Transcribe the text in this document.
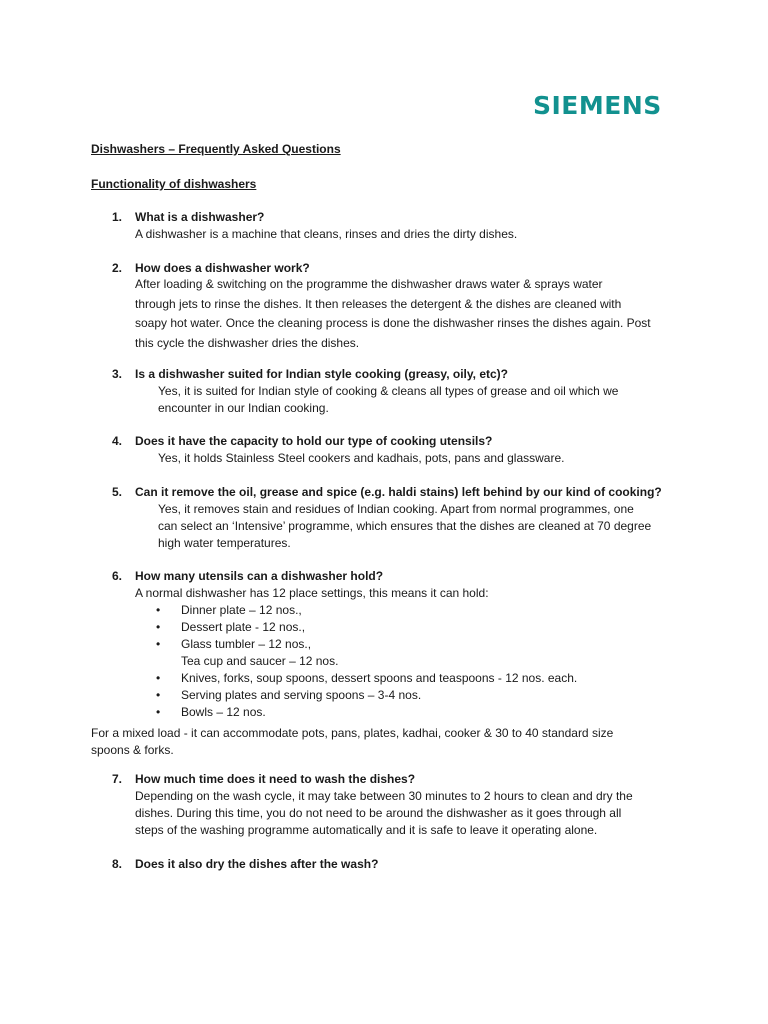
SIEMENS
Dishwashers – Frequently Asked Questions
Functionality of dishwashers
1.	What is a dishwasher?
A dishwasher is a machine that cleans, rinses and dries the dirty dishes.
2.	How does a dishwasher work?
After loading & switching on the programme the dishwasher draws water & sprays water
through jets to rinse the dishes. It then releases the detergent & the dishes are cleaned with
soapy hot water. Once the cleaning process is done the dishwasher rinses the dishes again. Post
this cycle the dishwasher dries the dishes.
3.	Is a dishwasher suited for Indian style cooking (greasy, oily, etc)?
Yes, it is suited for Indian style of cooking & cleans all types of grease and oil which we
encounter in our Indian cooking.
4.	Does it have the capacity to hold our type of cooking utensils?
Yes, it holds Stainless Steel cookers and kadhais, pots, pans and glassware.
5.	Can it remove the oil, grease and spice (e.g. haldi stains) left behind by our kind of cooking?
Yes, it removes stain and residues of Indian cooking. Apart from normal programmes, one
can select an ‘Intensive’ programme, which ensures that the dishes are cleaned at 70 degree
high water temperatures.
6.	How many utensils can a dishwasher hold?
A normal dishwasher has 12 place settings, this means it can hold:
• Dinner plate – 12 nos.,
• Dessert plate - 12 nos.,
• Glass tumbler – 12 nos.,
Tea cup and saucer – 12 nos.
• Knives, forks, soup spoons, dessert spoons and teaspoons - 12 nos. each.
• Serving plates and serving spoons – 3-4 nos.
• Bowls – 12 nos.
For a mixed load - it can accommodate pots, pans, plates, kadhai, cooker & 30 to 40 standard size
spoons & forks.
7.	How much time does it need to wash the dishes?
Depending on the wash cycle, it may take between 30 minutes to 2 hours to clean and dry the
dishes. During this time, you do not need to be around the dishwasher as it goes through all
steps of the washing programme automatically and it is safe to leave it operating alone.
8.	Does it also dry the dishes after the wash?
